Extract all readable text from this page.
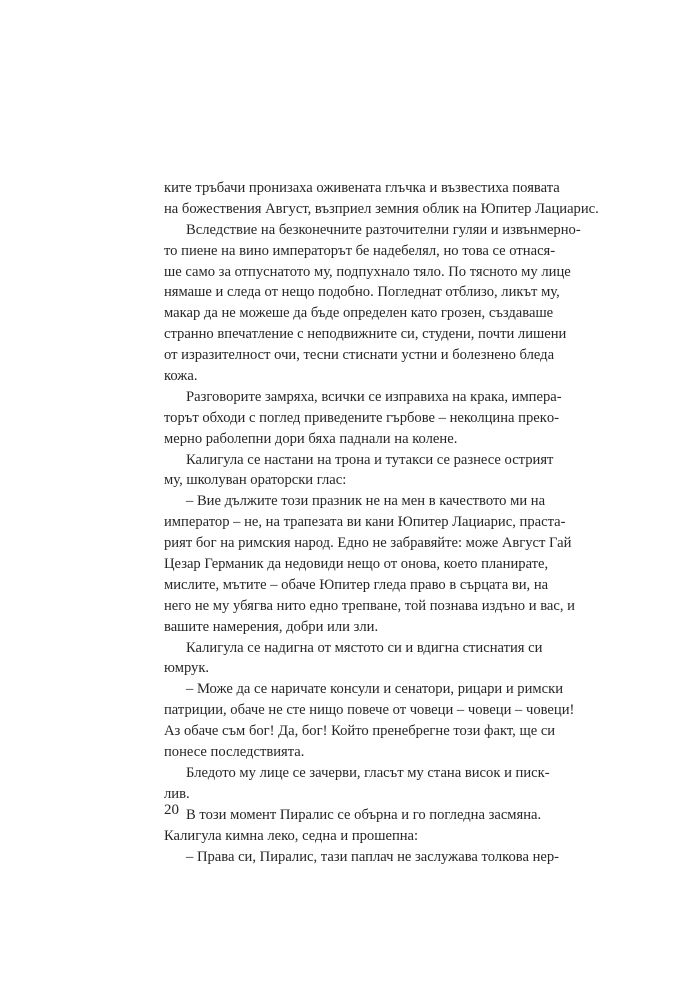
ките тръбачи пронизаха оживената глъчка и възвестиха появата
на божествения Август, възприел земния облик на Юпитер Лациарис.
Вследствие на безконечните разточителни гуляи и извънмерно-
то пиене на вино императорът бе надебелял, но това се отнася-
ше само за отпуснатото му, подпухнало тяло. По тясното му лице
нямаше и следа от нещо подобно. Погледнат отблизо, ликът му,
макар да не можеше да бъде определен като грозен, създаваше
странно впечатление с неподвижните си, студени, почти лишени
от изразителност очи, тесни стиснати устни и болезнено бледа
кожа.
Разговорите замряха, всички се изправиха на крака, импера-
торът обходи с поглед приведените гърбове – неколцина прекo-
мерно раболепни дори бяха паднали на колене.
Калигула се настани на трона и тутакси се разнесе острият
му, школуван ораторски глас:
– Вие дължите този празник не на мен в качеството ми на
император – не, на трапезата ви кани Юпитер Лациарис, праста-
рият бог на римския народ. Едно не забравяйте: може Август Гай
Цезар Германик да недовиди нещо от онова, което планирате,
мислите, мътите – обаче Юпитер гледа право в сърцата ви, на
него не му убягва нито едно трепване, той познава издъно и вас, и
вашите намерения, добри или зли.
Калигула се надигна от мястото си и вдигна стиснатия си
юмрук.
– Може да се наричате консули и сенатори, рицари и римски
патриции, обаче не сте нищо повече от човеци – човеци – човеци!
Аз обаче съм бог! Да, бог! Който пренебрегне този факт, ще си
понесе последствията.
Бледото му лице се зачерви, гласът му стана висок и писк-
лив.
В този момент Пиралис се обърна и го погледна засмяна.
Калигула кимна леко, седна и прошепна:
– Права си, Пиралис, тази паплач не заслужава толкова нер-
20
